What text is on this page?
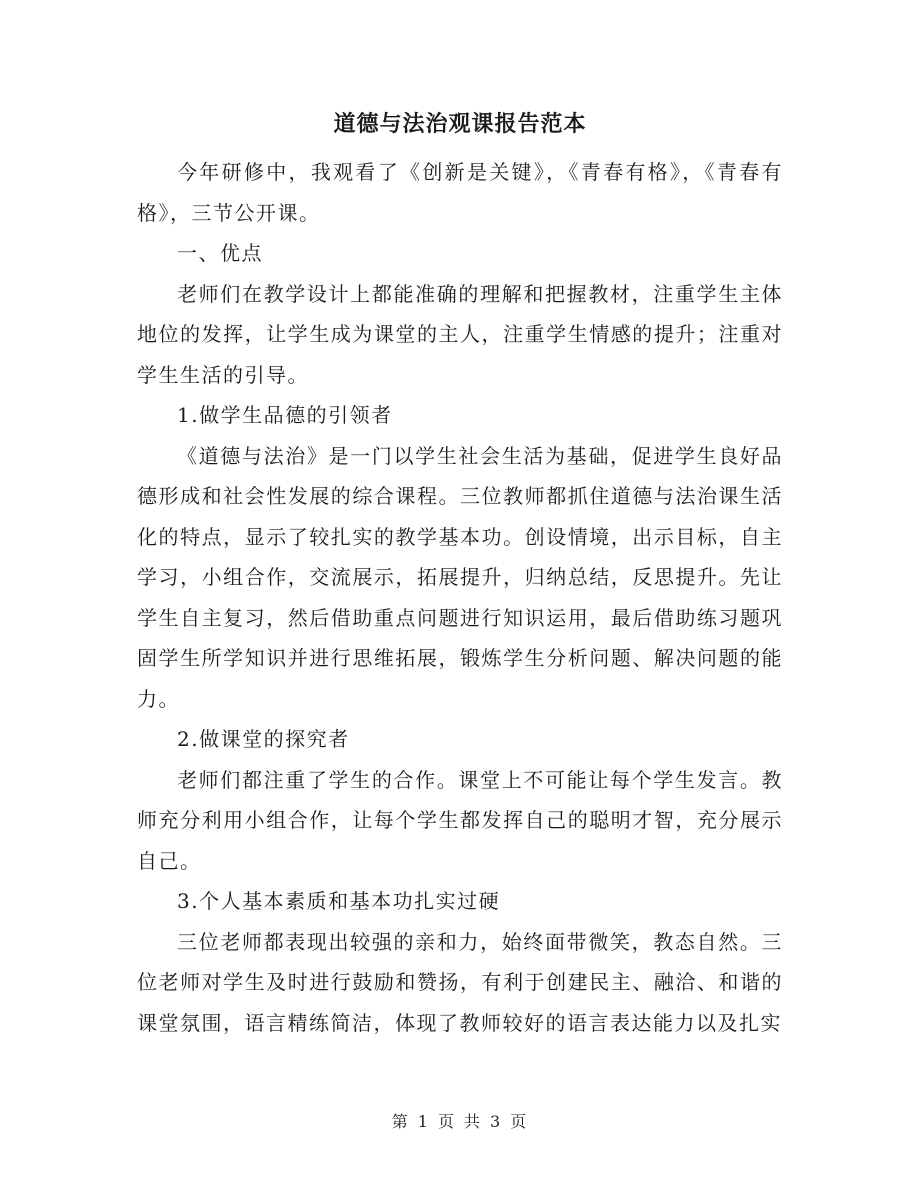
道德与法治观课报告范本

今年研修中，我观看了《创新是关键》，《青春有格》，《青春有格》，三节公开课。

一、优点

老师们在教学设计上都能准确的理解和把握教材，注重学生主体地位的发挥，让学生成为课堂的主人，注重学生情感的提升；注重对学生生活的引导。

1.做学生品德的引领者

《道德与法治》是一门以学生社会生活为基础，促进学生良好品德形成和社会性发展的综合课程。三位教师都抓住道德与法治课生活化的特点，显示了较扎实的教学基本功。创设情境，出示目标，自主学习，小组合作，交流展示，拓展提升，归纳总结，反思提升。先让学生自主复习，然后借助重点问题进行知识运用，最后借助练习题巩固学生所学知识并进行思维拓展，锻炼学生分析问题、解决问题的能力。

2.做课堂的探究者

老师们都注重了学生的合作。课堂上不可能让每个学生发言。教师充分利用小组合作，让每个学生都发挥自己的聪明才智，充分展示自己。

3.个人基本素质和基本功扎实过硬

三位老师都表现出较强的亲和力，始终面带微笑，教态自然。三位老师对学生及时进行鼓励和赞扬，有利于创建民主、融洽、和谐的课堂氛围，语言精练简洁，体现了教师较好的语言表达能力以及扎实

第 1 页 共 3 页
